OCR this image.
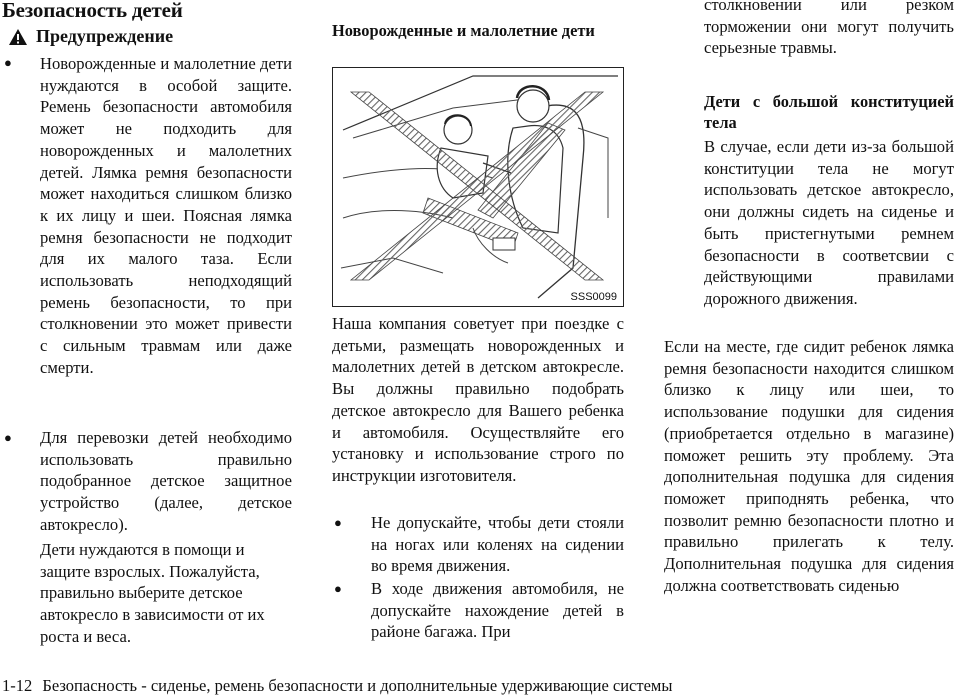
Безопасность детей
Предупреждение
● Новорожденные и малолетние дети нуждаются в особой защите. Ремень безопасности автомобиля может не подходить для новорожденных и малолетних детей. Лямка ремня безопасности может находиться слишком близко к их лицу и шеи. Поясная лямка ремня безопасности не подходит для их малого таза. Если использовать неподходящий ремень безопасности, то при столкновении это может привести с сильным травмам или даже смерти.

● Для перевозки детей необходимо использовать правильно подобранное детское защитное устройство (далее, детское автокресло).

Дети нуждаются в помощи и защите взрослых. Пожалуйста, правильно выберите детское автокресло в зависимости от их роста и веса.

Новорожденные и малолетние дети
SSS0099

Наша компания советует при поездке с детьми, размещать новорожденных и малолетних детей в детском автокресле. Вы должны правильно подобрать детское автокресло для Вашего ребенка и автомобиля. Осуществляйте его установку и использование строго по инструкции изготовителя.

● Не допускайте, чтобы дети стояли на ногах или коленях на сидении во время движения.

● В ходе движения автомобиля, не допускайте нахождение детей в районе багажа. При

столкновении или резком торможении они могут получить серьезные травмы.

Дети с большой конституцией тела

В случае, если дети из-за большой конституции тела не могут использовать детское автокресло, они должны сидеть на сиденье и быть пристегнутыми ремнем безопасности в соответсвии с действующими правилами дорожного движения.

Если на месте, где сидит ребенок лямка ремня безопасности находится слишком близко к лицу или шеи, то использование подушки для сидения (приобретается отдельно в магазине) поможет решить эту проблему. Эта дополнительная подушка для сидения поможет приподнять ребенка, что позволит ремню безопасности плотно и правильно прилегать к телу. Дополнительная подушка для сидения должна соответствовать сиденью

1-12 Безопасность - сиденье, ремень безопасности и дополнительные удерживающие системы
